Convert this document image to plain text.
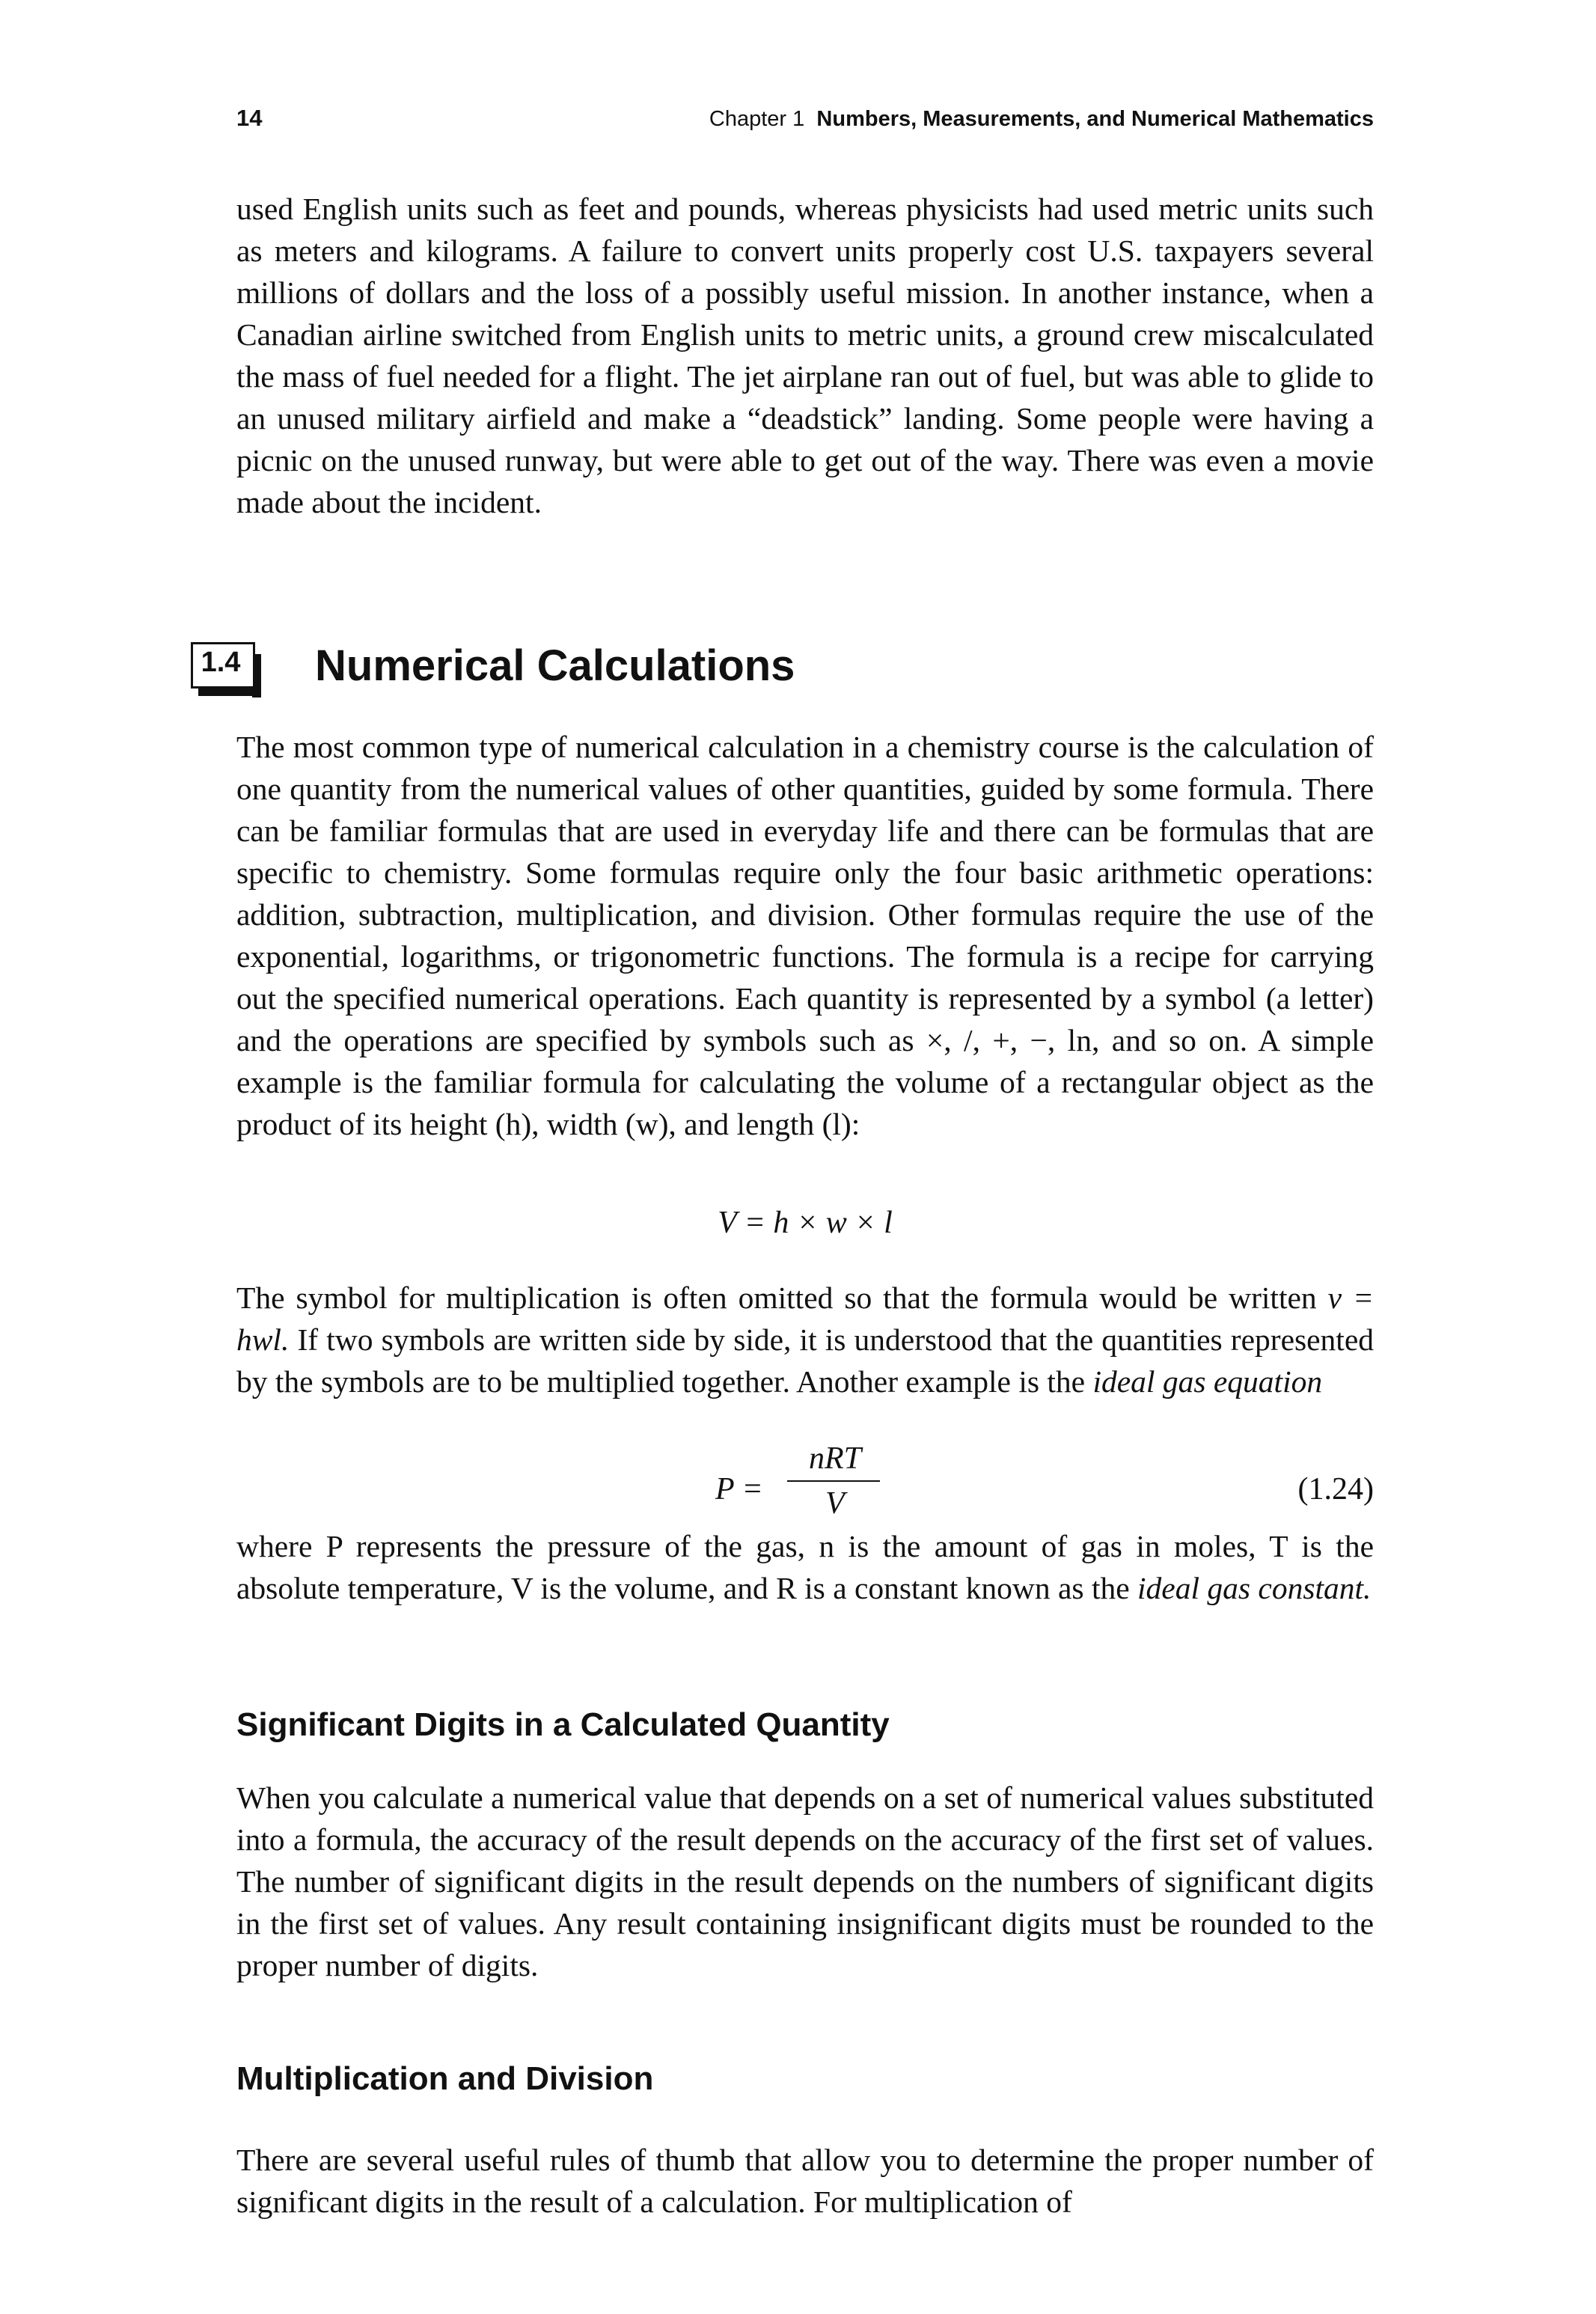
14	Chapter 1 Numbers, Measurements, and Numerical Mathematics

used English units such as feet and pounds, whereas physicists had used metric units such as meters and kilograms. A failure to convert units properly cost U.S. taxpayers several millions of dollars and the loss of a possibly useful mission. In another instance, when a Canadian airline switched from English units to metric units, a ground crew miscalculated the mass of fuel needed for a flight. The jet airplane ran out of fuel, but was able to glide to an unused military airfield and make a “deadstick” landing. Some people were having a picnic on the unused runway, but were able to get out of the way. There was even a movie made about the incident.

1.4 Numerical Calculations

The most common type of numerical calculation in a chemistry course is the calculation of one quantity from the numerical values of other quantities, guided by some formula. There can be familiar formulas that are used in everyday life and there can be formulas that are specific to chemistry. Some formulas require only the four basic arithmetic operations: addition, subtraction, multiplication, and division. Other formulas require the use of the exponential, logarithms, or trigonometric functions. The formula is a recipe for carrying out the specified numerical operations. Each quantity is represented by a symbol (a letter) and the operations are specified by symbols such as ×, /, +, −, ln, and so on. A simple example is the familiar formula for calculating the volume of a rectangular object as the product of its height (h), width (w), and length (l):

V = h × w × l

The symbol for multiplication is often omitted so that the formula would be written v = hwl. If two symbols are written side by side, it is understood that the quantities represented by the symbols are to be multiplied together. Another example is the ideal gas equation

P =
nRT
V	(1.24)

where P represents the pressure of the gas, n is the amount of gas in moles, T is the absolute temperature, V is the volume, and R is a constant known as the ideal gas constant.

Significant Digits in a Calculated Quantity

When you calculate a numerical value that depends on a set of numerical values substituted into a formula, the accuracy of the result depends on the accuracy of the first set of values. The number of significant digits in the result depends on the numbers of significant digits in the first set of values. Any result containing insignificant digits must be rounded to the proper number of digits.

Multiplication and Division

There are several useful rules of thumb that allow you to determine the proper number of significant digits in the result of a calculation. For multiplication of
